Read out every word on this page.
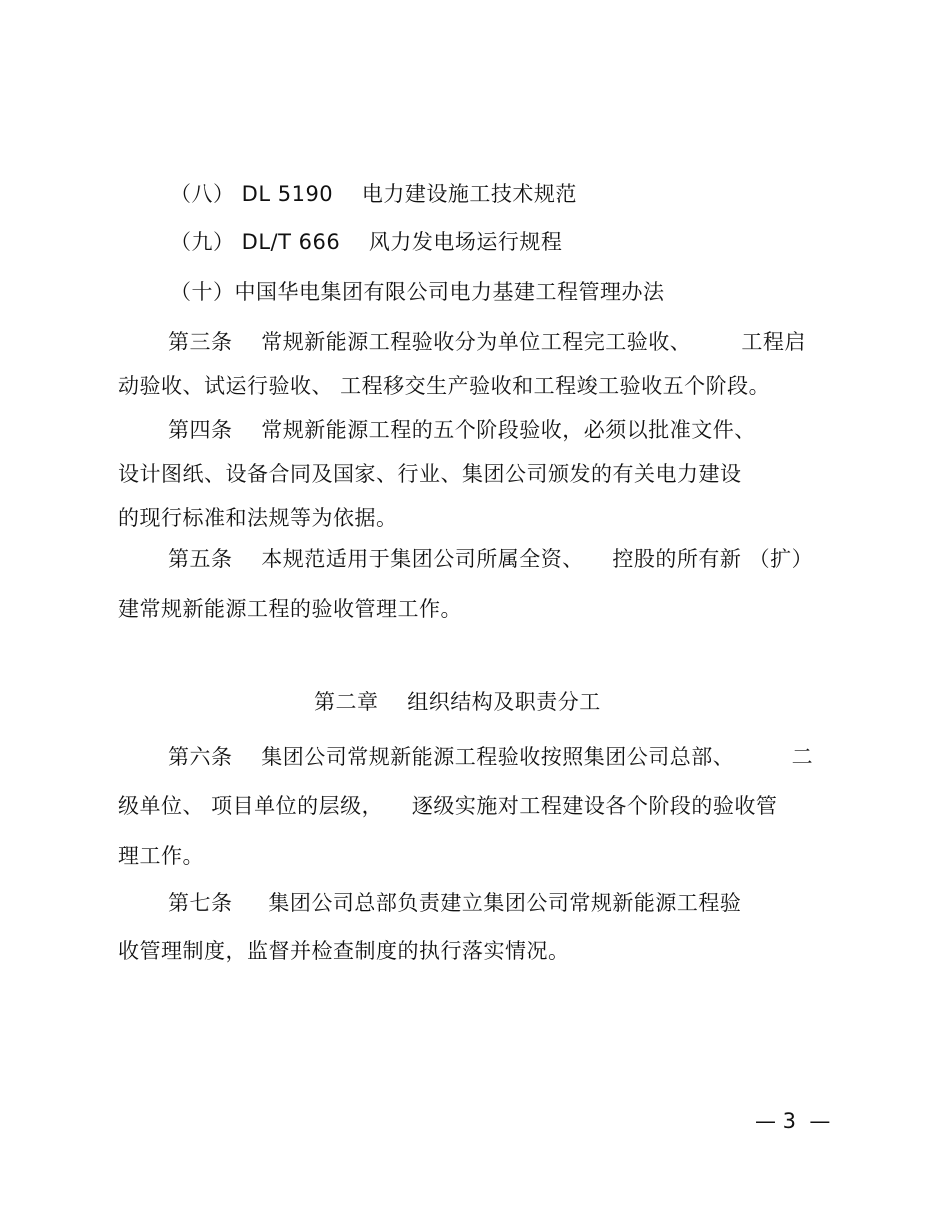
（八） DL 5190    电力建设施工技术规范
（九） DL/T 666    风力发电场运行规程
（十）中国华电集团有限公司电力基建工程管理办法
第三条    常规新能源工程验收分为单位工程完工验收、       工程启
动验收、试运行验收、 工程移交生产验收和工程竣工验收五个阶段。
第四条    常规新能源工程的五个阶段验收，必须以批准文件、
设计图纸、设备合同及国家、行业、集团公司颁发的有关电力建设
的现行标准和法规等为依据。
第五条    本规范适用于集团公司所属全资、    控股的所有新 （扩）
建常规新能源工程的验收管理工作。
第二章    组织结构及职责分工
第六条    集团公司常规新能源工程验收按照集团公司总部、        二
级单位、 项目单位的层级，    逐级实施对工程建设各个阶段的验收管
理工作。
第七条     集团公司总部负责建立集团公司常规新能源工程验
收管理制度，监督并检查制度的执行落实情况。
— 3  —
